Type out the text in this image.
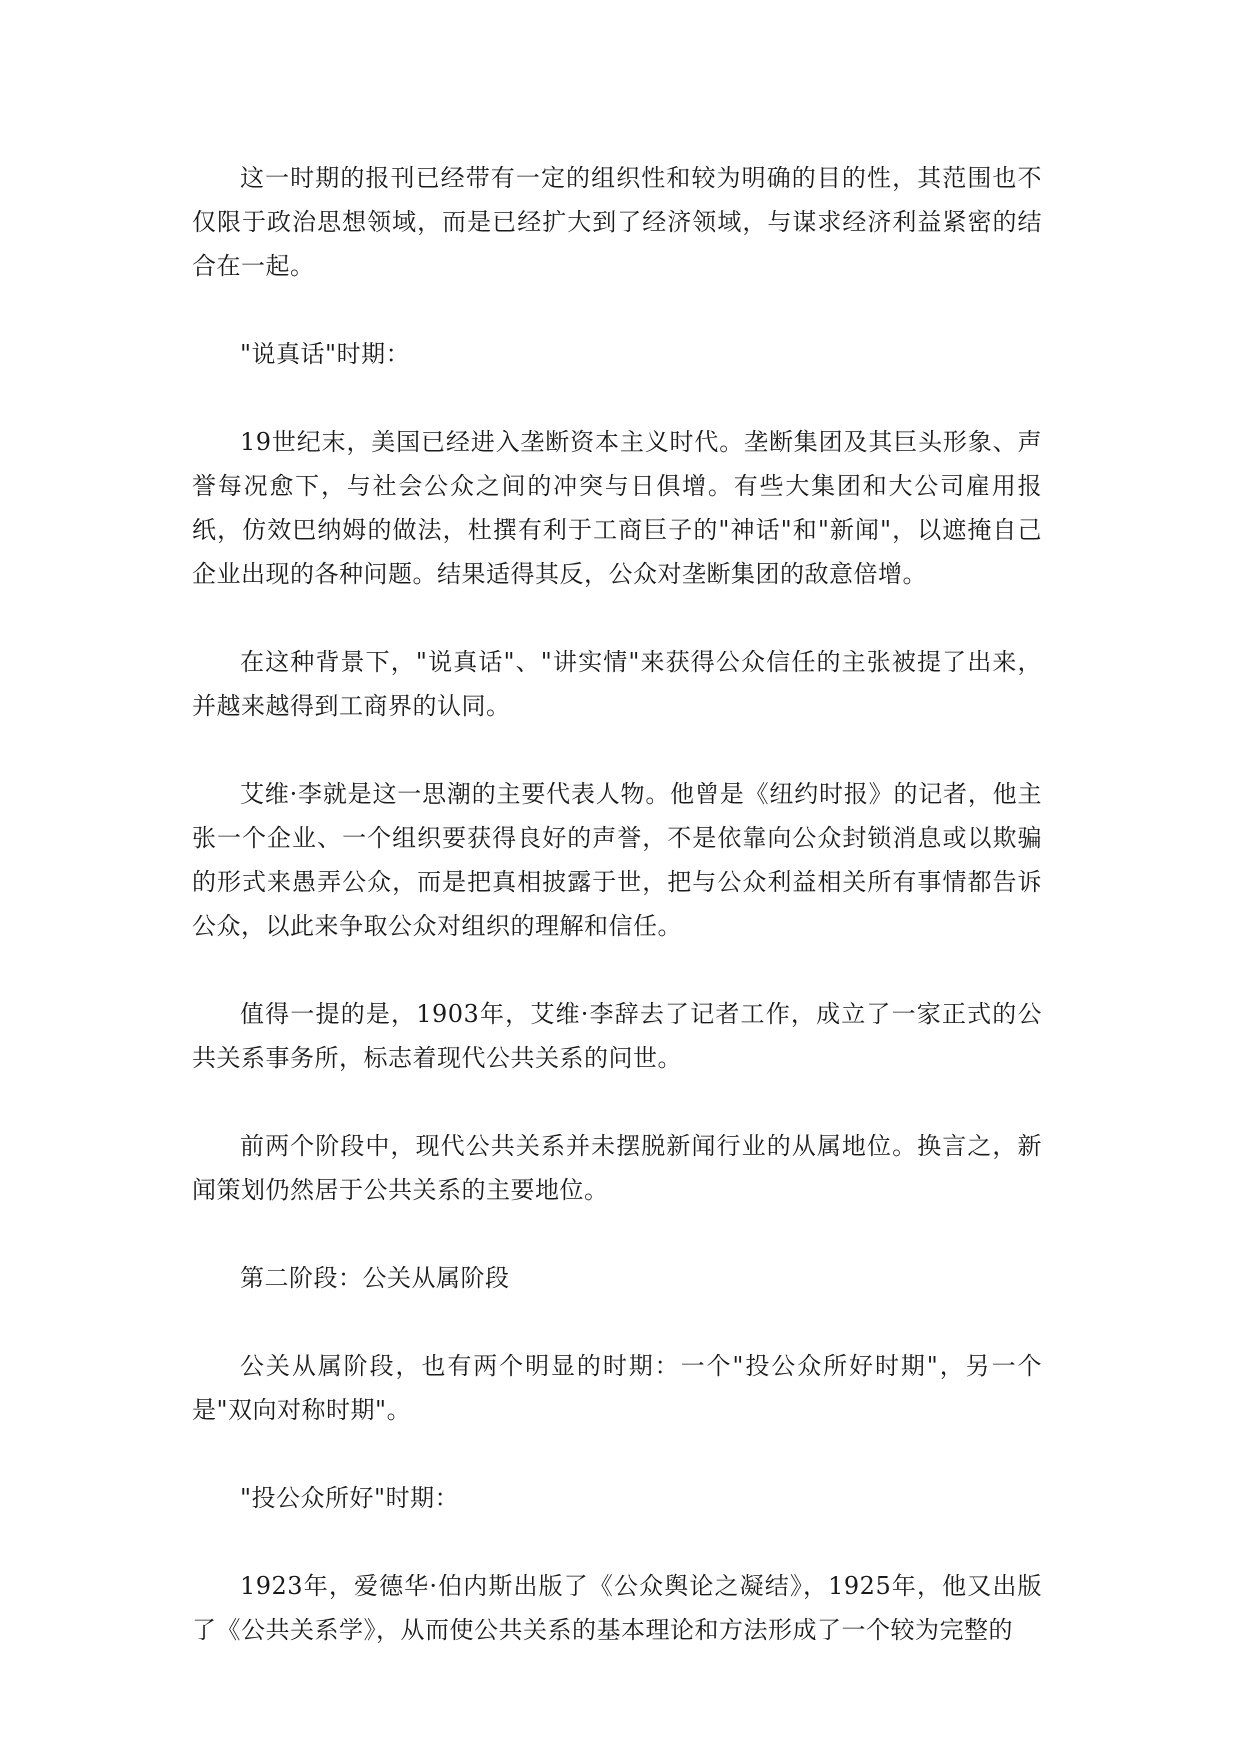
这一时期的报刊已经带有一定的组织性和较为明确的目的性，其范围也不仅限于政治思想领域，而是已经扩大到了经济领域，与谋求经济利益紧密的结合在一起。

"说真话"时期：

19世纪末，美国已经进入垄断资本主义时代。垄断集团及其巨头形象、声誉每况愈下，与社会公众之间的冲突与日俱增。有些大集团和大公司雇用报纸，仿效巴纳姆的做法，杜撰有利于工商巨子的"神话"和"新闻"，以遮掩自己企业出现的各种问题。结果适得其反，公众对垄断集团的敌意倍增。

在这种背景下，"说真话"、"讲实情"来获得公众信任的主张被提了出来，并越来越得到工商界的认同。

艾维·李就是这一思潮的主要代表人物。他曾是《纽约时报》的记者，他主张一个企业、一个组织要获得良好的声誉，不是依靠向公众封锁消息或以欺骗的形式来愚弄公众，而是把真相披露于世，把与公众利益相关所有事情都告诉公众，以此来争取公众对组织的理解和信任。

值得一提的是，1903年，艾维·李辞去了记者工作，成立了一家正式的公共关系事务所，标志着现代公共关系的问世。

前两个阶段中，现代公共关系并未摆脱新闻行业的从属地位。换言之，新闻策划仍然居于公共关系的主要地位。

第二阶段：公关从属阶段

公关从属阶段，也有两个明显的时期：一个"投公众所好时期"，另一个是"双向对称时期"。

"投公众所好"时期：

1923年，爱德华·伯内斯出版了《公众舆论之凝结》，1925年，他又出版了《公共关系学》，从而使公共关系的基本理论和方法形成了一个较为完整的
